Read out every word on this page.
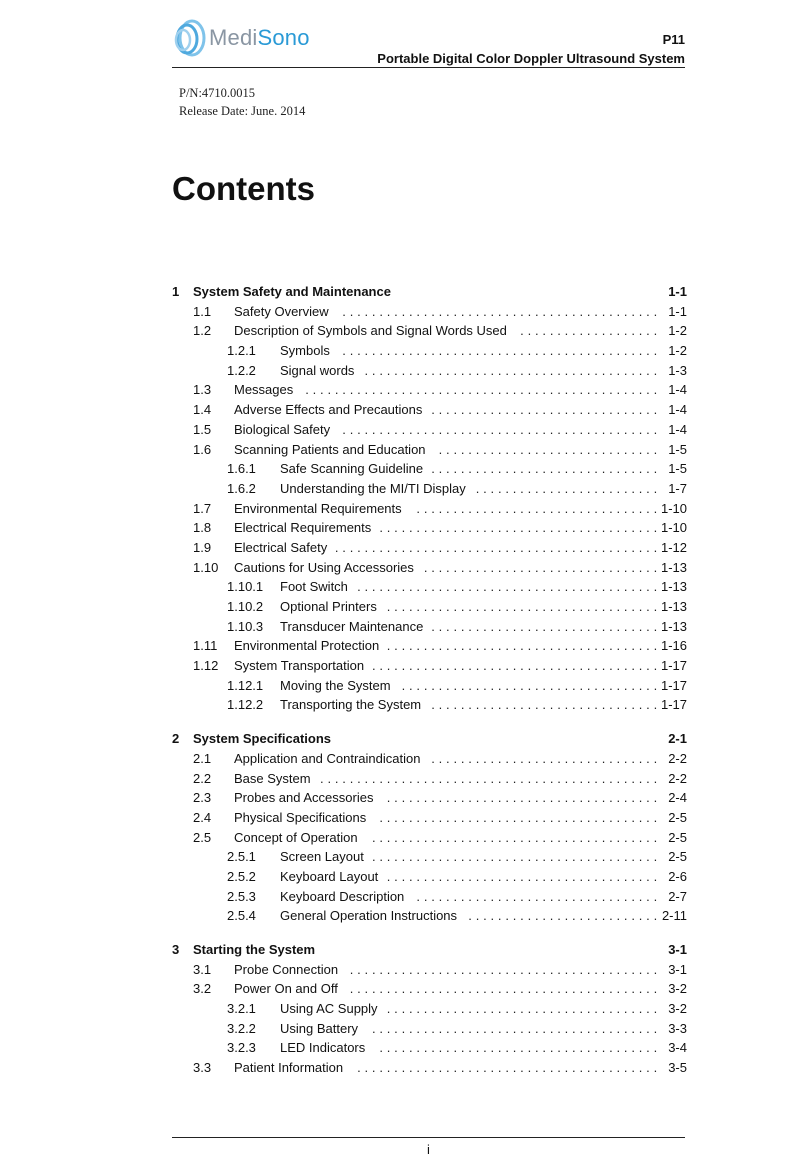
MediSono	P11
Portable Digital Color Doppler Ultrasound System
P/N:4710.0015
Release Date: June. 2014
Contents
1 System Safety and Maintenance	1-1
1.1 Safety Overview ........................................... 1-1
1.2 Description of Symbols and Signal Words Used ................... 1-2
1.2.1 Symbols ........................................... 1-2
1.2.2 Signal words ........................................ 1-3
1.3 Messages ................................................ 1-4
1.4 Adverse Effects and Precautions ............................... 1-4
1.5 Biological Safety ........................................... 1-4
1.6 Scanning Patients and Education .............................. 1-5
1.6.1 Safe Scanning Guideline ............................... 1-5
1.6.2 Understanding the MI/TI Display ......................... 1-7
1.7 Environmental Requirements ................................. 1-10
1.8 Electrical Requirements ...................................... 1-10
1.9 Electrical Safety ............................................ 1-12
1.10 Cautions for Using Accessories ................................ 1-13
1.10.1 Foot Switch ......................................... 1-13
1.10.2 Optional Printers ..................................... 1-13
1.10.3 Transducer Maintenance ............................... 1-13
1.11 Environmental Protection ..................................... 1-16
1.12 System Transportation ....................................... 1-17
1.12.1 Moving the System ................................... 1-17
1.12.2 Transporting the System ............................... 1-17
2 System Specifications	2-1
2.1 Application and Contraindication ............................... 2-2
2.2 Base System .............................................. 2-2
2.3 Probes and Accessories ..................................... 2-4
2.4 Physical Specifications ...................................... 2-5
2.5 Concept of Operation ....................................... 2-5
2.5.1 Screen Layout ....................................... 2-5
2.5.2 Keyboard Layout ..................................... 2-6
2.5.3 Keyboard Description ................................. 2-7
2.5.4 General Operation Instructions .......................... 2-11
3 Starting the System	3-1
3.1 Probe Connection .......................................... 3-1
3.2 Power On and Off .......................................... 3-2
3.2.1 Using AC Supply ..................................... 3-2
3.2.2 Using Battery ....................................... 3-3
3.2.3 LED Indicators ...................................... 3-4
3.3 Patient Information ......................................... 3-5
i
